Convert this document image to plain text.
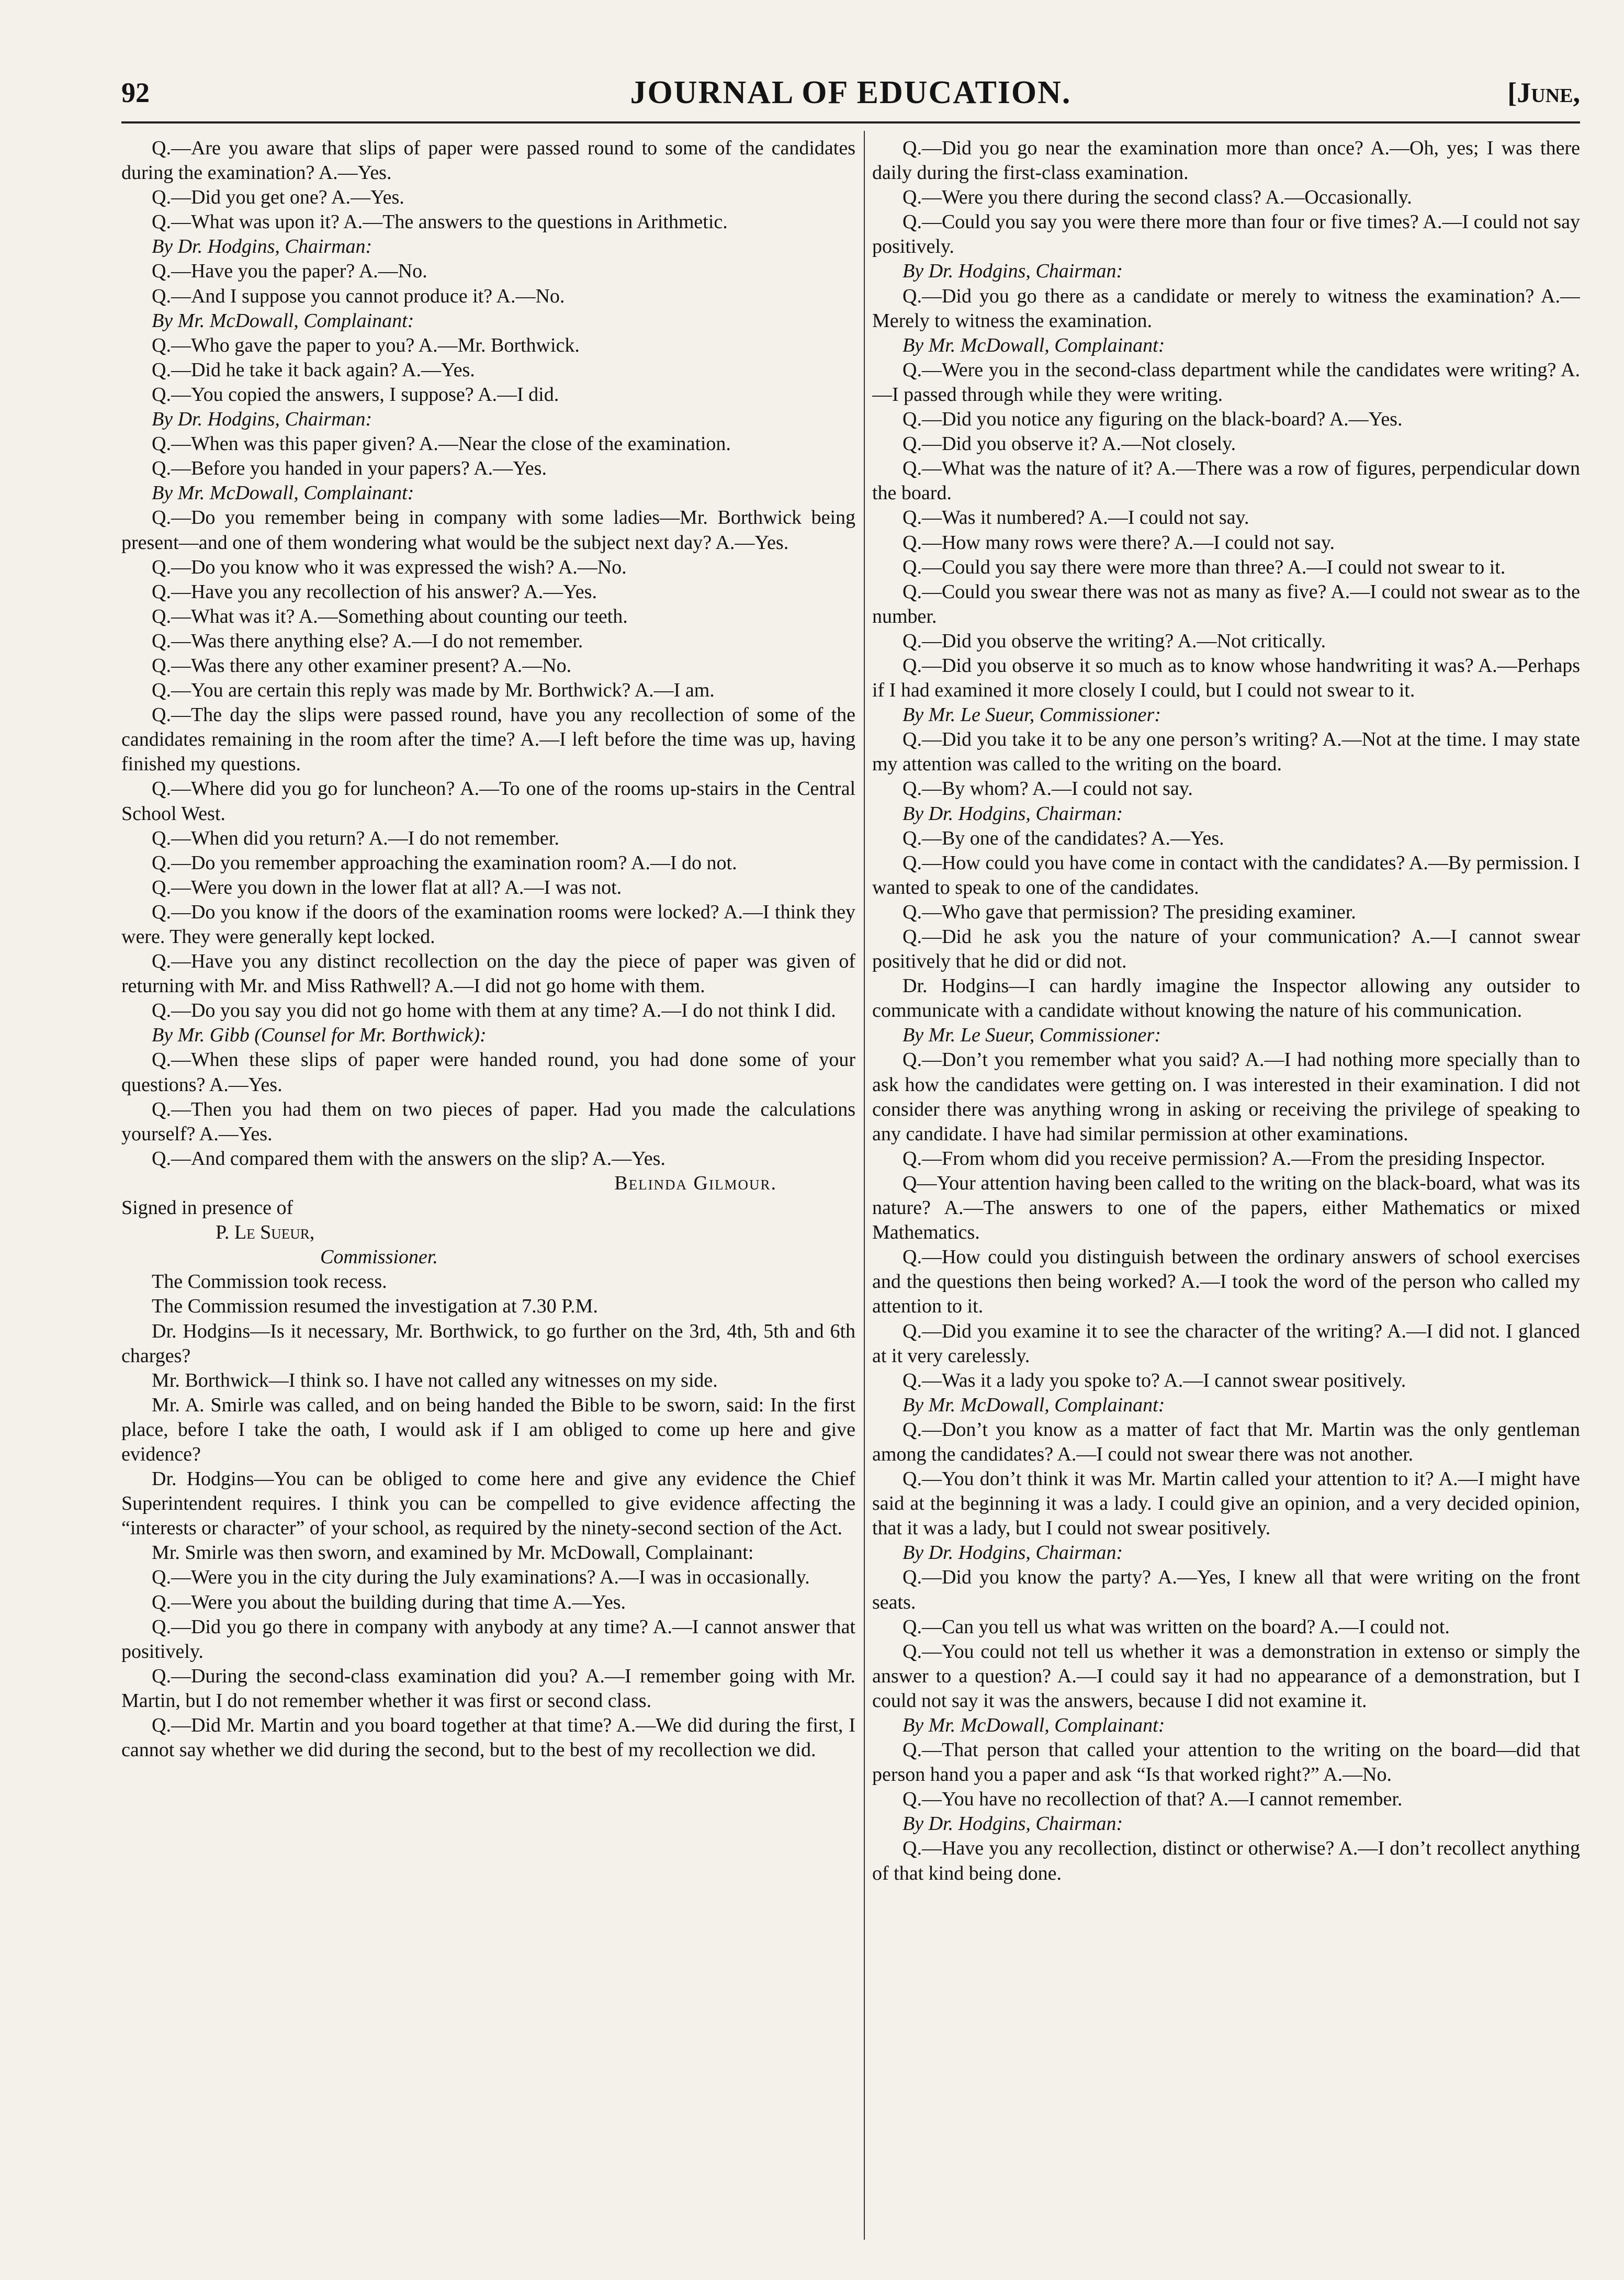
JOURNAL OF EDUCATION.
92	[June,

Q.—Are you aware that slips of paper were passed round to some of the candidates during the examination? A.—Yes.

Q.—Did you get one? A.—Yes.

Q.—What was upon it? A.—The answers to the questions in Arithmetic.

By Dr. Hodgins, Chairman:

Q.—Have you the paper? A.—No.

Q.—And I suppose you cannot produce it? A.—No.

By Mr. McDowall, Complainant:

Q.—Who gave the paper to you? A.—Mr. Borthwick.

Q.—Did he take it back again? A.—Yes.

Q.—You copied the answers, I suppose? A.—I did.

By Dr. Hodgins, Chairman:

Q.—When was this paper given? A.—Near the close of the examination.

Q.—Before you handed in your papers? A.—Yes.

By Mr. McDowall, Complainant:

Q.—Do you remember being in company with some ladies—Mr. Borthwick being present—and one of them wondering what would be the subject next day? A.—Yes.

Q.—Do you know who it was expressed the wish? A.—No.

Q.—Have you any recollection of his answer? A.—Yes.

Q.—What was it? A.—Something about counting our teeth.

Q.—Was there anything else? A.—I do not remember.

Q.—Was there any other examiner present? A.—No.

Q.—You are certain this reply was made by Mr. Borthwick? A.—I am.

Q.—The day the slips were passed round, have you any recollection of some of the candidates remaining in the room after the time? A.—I left before the time was up, having finished my questions.

Q.—Where did you go for luncheon? A.—To one of the rooms up-stairs in the Central School West.

Q.—When did you return? A.—I do not remember.

Q.—Do you remember approaching the examination room? A.—I do not.

Q.—Were you down in the lower flat at all? A.—I was not.

Q.—Do you know if the doors of the examination rooms were locked? A.—I think they were. They were generally kept locked.

Q.—Have you any distinct recollection on the day the piece of paper was given of returning with Mr. and Miss Rathwell? A.—I did not go home with them.

Q.—Do you say you did not go home with them at any time? A.—I do not think I did.

By Mr. Gibb (Counsel for Mr. Borthwick):

Q.—When these slips of paper were handed round, you had done some of your questions? A.—Yes.

Q.—Then you had them on two pieces of paper. Had you made the calculations yourself? A.—Yes.

Q.—And compared them with the answers on the slip? A.—Yes.

Belinda Gilmour.

Signed in presence of

P. Le Sueur,

Commissioner.

The Commission took recess.

The Commission resumed the investigation at 7.30 P.M.

Dr. Hodgins—Is it necessary, Mr. Borthwick, to go further on the 3rd, 4th, 5th and 6th charges?

Mr. Borthwick—I think so. I have not called any witnesses on my side.

Mr. A. Smirle was called, and on being handed the Bible to be sworn, said: In the first place, before I take the oath, I would ask if I am obliged to come up here and give evidence?

Dr. Hodgins—You can be obliged to come here and give any evidence the Chief Superintendent requires. I think you can be compelled to give evidence affecting the “interests or character” of your school, as required by the ninety-second section of the Act.

Mr. Smirle was then sworn, and examined by Mr. McDowall, Complainant:

Q.—Were you in the city during the July examinations? A.—I was in occasionally.

Q.—Were you about the building during that time A.—Yes.

Q.—Did you go there in company with anybody at any time? A.—I cannot answer that positively.

Q.—During the second-class examination did you? A.—I remember going with Mr. Martin, but I do not remember whether it was first or second class.

Q.—Did Mr. Martin and you board together at that time? A.—We did during the first, I cannot say whether we did during the second, but to the best of my recollection we did.

Q.—Did you go near the examination more than once? A.—Oh, yes; I was there daily during the first-class examination.

Q.—Were you there during the second class? A.—Occasionally.

Q.—Could you say you were there more than four or five times? A.—I could not say positively.

By Dr. Hodgins, Chairman:

Q.—Did you go there as a candidate or merely to witness the examination? A.—Merely to witness the examination.

By Mr. McDowall, Complainant:

Q.—Were you in the second-class department while the candidates were writing? A.—I passed through while they were writing.

Q.—Did you notice any figuring on the black-board? A.—Yes.

Q.—Did you observe it? A.—Not closely.

Q.—What was the nature of it? A.—There was a row of figures, perpendicular down the board.

Q.—Was it numbered? A.—I could not say.

Q.—How many rows were there? A.—I could not say.

Q.—Could you say there were more than three? A.—I could not swear to it.

Q.—Could you swear there was not as many as five? A.—I could not swear as to the number.

Q.—Did you observe the writing? A.—Not critically.

Q.—Did you observe it so much as to know whose handwriting it was? A.—Perhaps if I had examined it more closely I could, but I could not swear to it.

By Mr. Le Sueur, Commissioner:

Q.—Did you take it to be any one person’s writing? A.—Not at the time. I may state my attention was called to the writing on the board.

Q.—By whom? A.—I could not say.

By Dr. Hodgins, Chairman:

Q.—By one of the candidates? A.—Yes.

Q.—How could you have come in contact with the candidates? A.—By permission. I wanted to speak to one of the candidates.

Q.—Who gave that permission? The presiding examiner.

Q.—Did he ask you the nature of your communication? A.—I cannot swear positively that he did or did not.

Dr. Hodgins—I can hardly imagine the Inspector allowing any outsider to communicate with a candidate without knowing the nature of his communication.

By Mr. Le Sueur, Commissioner:

Q.—Don’t you remember what you said? A.—I had nothing more specially than to ask how the candidates were getting on. I was interested in their examination. I did not consider there was anything wrong in asking or receiving the privilege of speaking to any candidate. I have had similar permission at other examinations.

Q.—From whom did you receive permission? A.—From the presiding Inspector.

Q—Your attention having been called to the writing on the black-board, what was its nature? A.—The answers to one of the papers, either Mathematics or mixed Mathematics.

Q.—How could you distinguish between the ordinary answers of school exercises and the questions then being worked? A.—I took the word of the person who called my attention to it.

Q.—Did you examine it to see the character of the writing? A.—I did not. I glanced at it very carelessly.

Q.—Was it a lady you spoke to? A.—I cannot swear positively.

By Mr. McDowall, Complainant:

Q.—Don’t you know as a matter of fact that Mr. Martin was the only gentleman among the candidates? A.—I could not swear there was not another.

Q.—You don’t think it was Mr. Martin called your attention to it? A.—I might have said at the beginning it was a lady. I could give an opinion, and a very decided opinion, that it was a lady, but I could not swear positively.

By Dr. Hodgins, Chairman:

Q.—Did you know the party? A.—Yes, I knew all that were writing on the front seats.

Q.—Can you tell us what was written on the board? A.—I could not.

Q.—You could not tell us whether it was a demonstration in extenso or simply the answer to a question? A.—I could say it had no appearance of a demonstration, but I could not say it was the answers, because I did not examine it.

By Mr. McDowall, Complainant:

Q.—That person that called your attention to the writing on the board—did that person hand you a paper and ask “Is that worked right?” A.—No.

Q.—You have no recollection of that? A.—I cannot remember.

By Dr. Hodgins, Chairman:

Q.—Have you any recollection, distinct or otherwise? A.—I don’t recollect anything of that kind being done.
